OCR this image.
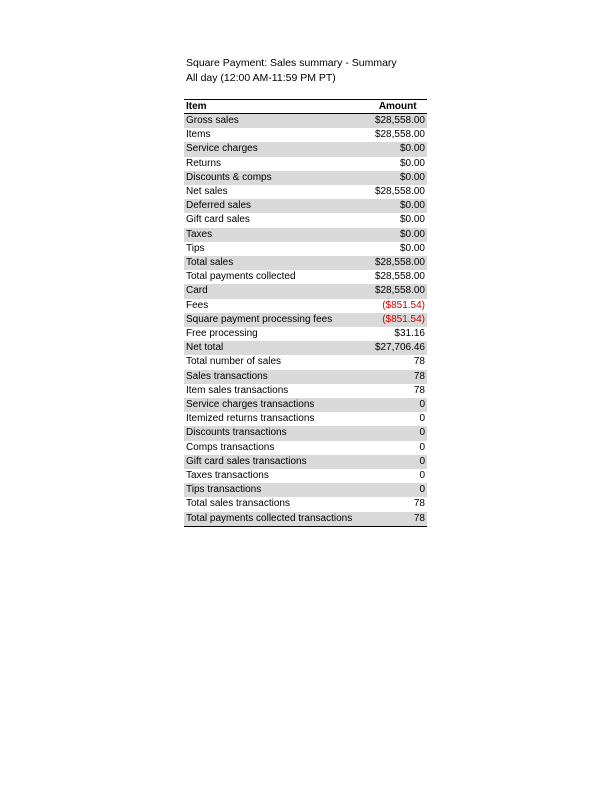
Square Payment: Sales summary - Summary
All day (12:00 AM-11:59 PM PT)
Item	Amount
Gross sales	$28,558.00
Items	$28,558.00
Service charges	$0.00
Returns	$0.00
Discounts & comps	$0.00
Net sales	$28,558.00
Deferred sales	$0.00
Gift card sales	$0.00
Taxes	$0.00
Tips	$0.00
Total sales	$28,558.00
Total payments collected	$28,558.00
Card	$28,558.00
Fees	($851.54)
Square payment processing fees	($851.54)
Free processing	$31.16
Net total	$27,706.46
Total number of sales	78
Sales transactions	78
Item sales transactions	78
Service charges transactions	0
Itemized returns transactions	0
Discounts transactions	0
Comps transactions	0
Gift card sales transactions	0
Taxes transactions	0
Tips transactions	0
Total sales transactions	78
Total payments collected transactions	78
